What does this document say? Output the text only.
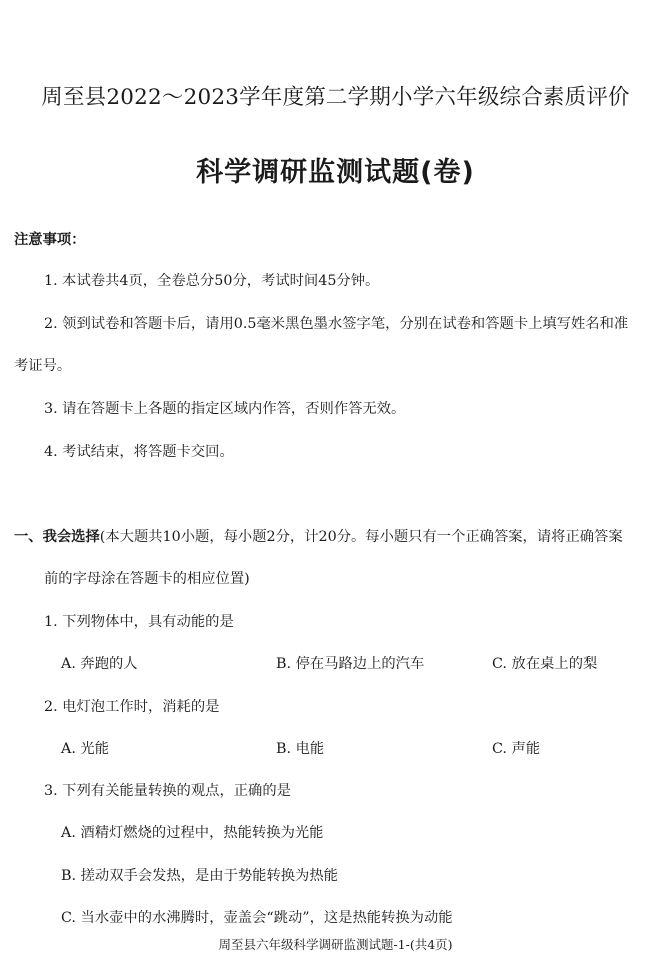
周至县2022～2023学年度第二学期小学六年级综合素质评价
科学调研监测试题(卷)
注意事项：
1. 本试卷共4页，全卷总分50分，考试时间45分钟。
2. 领到试卷和答题卡后，请用0.5毫米黑色墨水签字笔，分别在试卷和答题卡上填写姓名和准
考证号。
3. 请在答题卡上各题的指定区域内作答，否则作答无效。
4. 考试结束，将答题卡交回。
一、我会选择(本大题共10小题，每小题2分，计20分。每小题只有一个正确答案，请将正确答案
前的字母涂在答题卡的相应位置)
1. 下列物体中，具有动能的是
A. 奔跑的人	B. 停在马路边上的汽车	C. 放在桌上的梨
2. 电灯泡工作时，消耗的是
A. 光能	B. 电能	C. 声能
3. 下列有关能量转换的观点，正确的是
A. 酒精灯燃烧的过程中，热能转换为光能
B. 搓动双手会发热，是由于势能转换为热能
C. 当水壶中的水沸腾时，壶盖会“跳动”，这是热能转换为动能
周至县六年级科学调研监测试题-1-(共4页)
